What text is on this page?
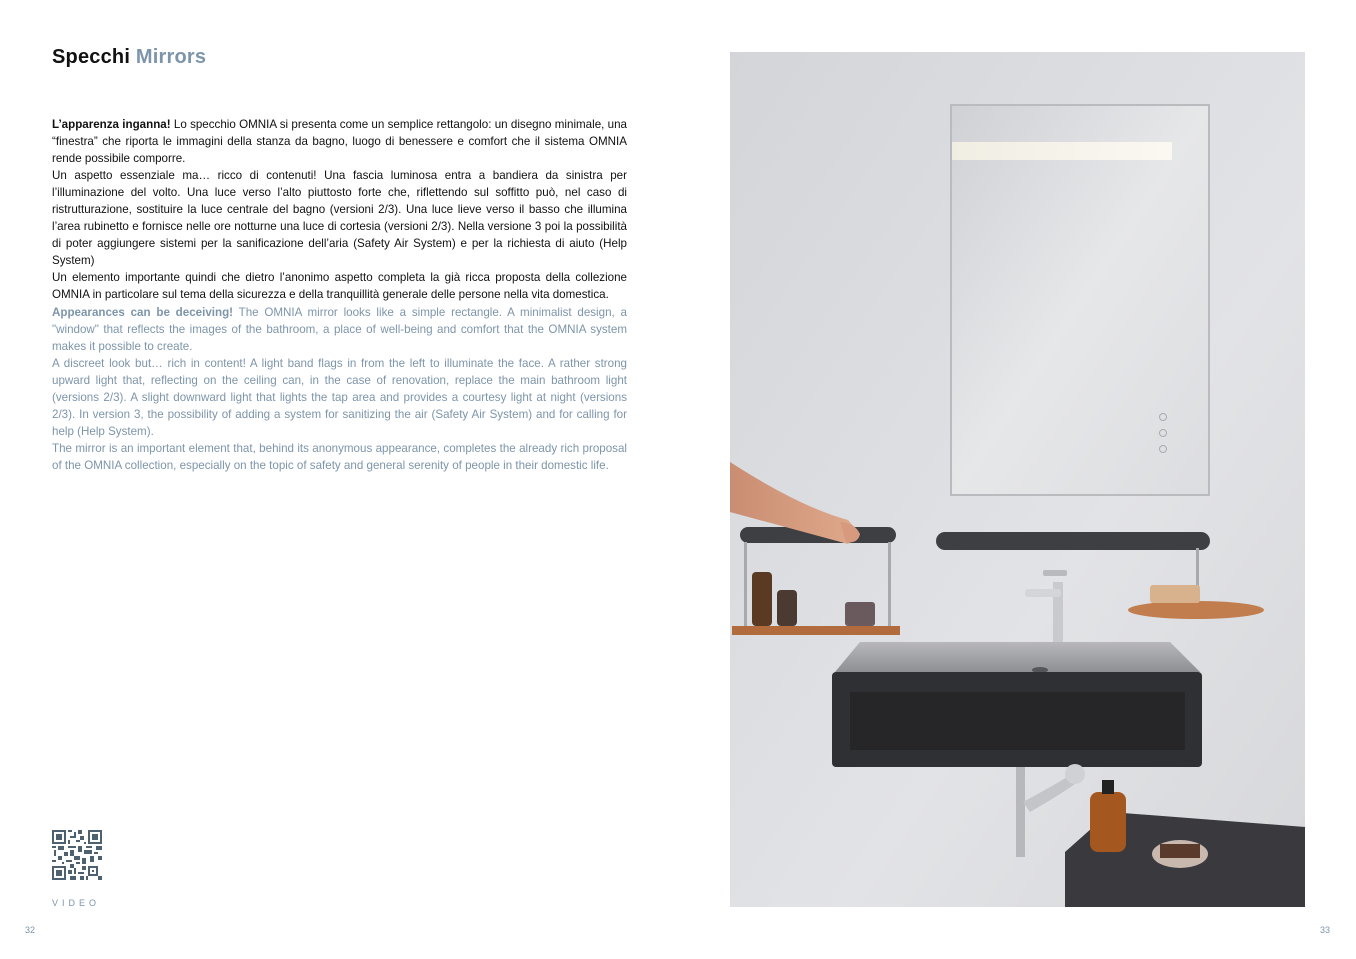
Specchi Mirrors

L’apparenza inganna! Lo specchio OMNIA si presenta come un semplice rettangolo: un disegno minimale, una “finestra” che riporta le immagini della stanza da bagno, luogo di benessere e comfort che il sistema OMNIA rende possibile comporre.

Un aspetto essenziale ma… ricco di contenuti! Una fascia luminosa entra a bandiera da sinistra per l’illuminazione del volto. Una luce verso l’alto piuttosto forte che, riflettendo sul soffitto può, nel caso di ristrutturazione, sostituire la luce centrale del bagno (versioni 2/3). Una luce lieve verso il basso che illumina l’area rubinetto e fornisce nelle ore notturne una luce di cortesia (versioni 2/3). Nella versione 3 poi la possibilità di poter aggiungere sistemi per la sanificazione dell’aria (Safety Air System) e per la richiesta di aiuto (Help System)

Un elemento importante quindi che dietro l’anonimo aspetto completa la già ricca proposta della collezione OMNIA in particolare sul tema della sicurezza e della tranquillità generale delle persone nella vita domestica.

Appearances can be deceiving! The OMNIA mirror looks like a simple rectangle. A minimalist design, a "window" that reflects the images of the bathroom, a place of well-being and comfort that the OMNIA system makes it possible to create.

A discreet look but… rich in content! A light band flags in from the left to illuminate the face. A rather strong upward light that, reflecting on the ceiling can, in the case of renovation, replace the main bathroom light (versions 2/3). A slight downward light that lights the tap area and provides a courtesy light at night (versions 2/3). In version 3, the possibility of adding a system for sanitizing the air (Safety Air System) and for calling for help (Help System).

The mirror is an important element that, behind its anonymous appearance, completes the already rich proposal of the OMNIA collection, especially on the topic of safety and general serenity of people in their domestic life.

VIDEO
32	33
